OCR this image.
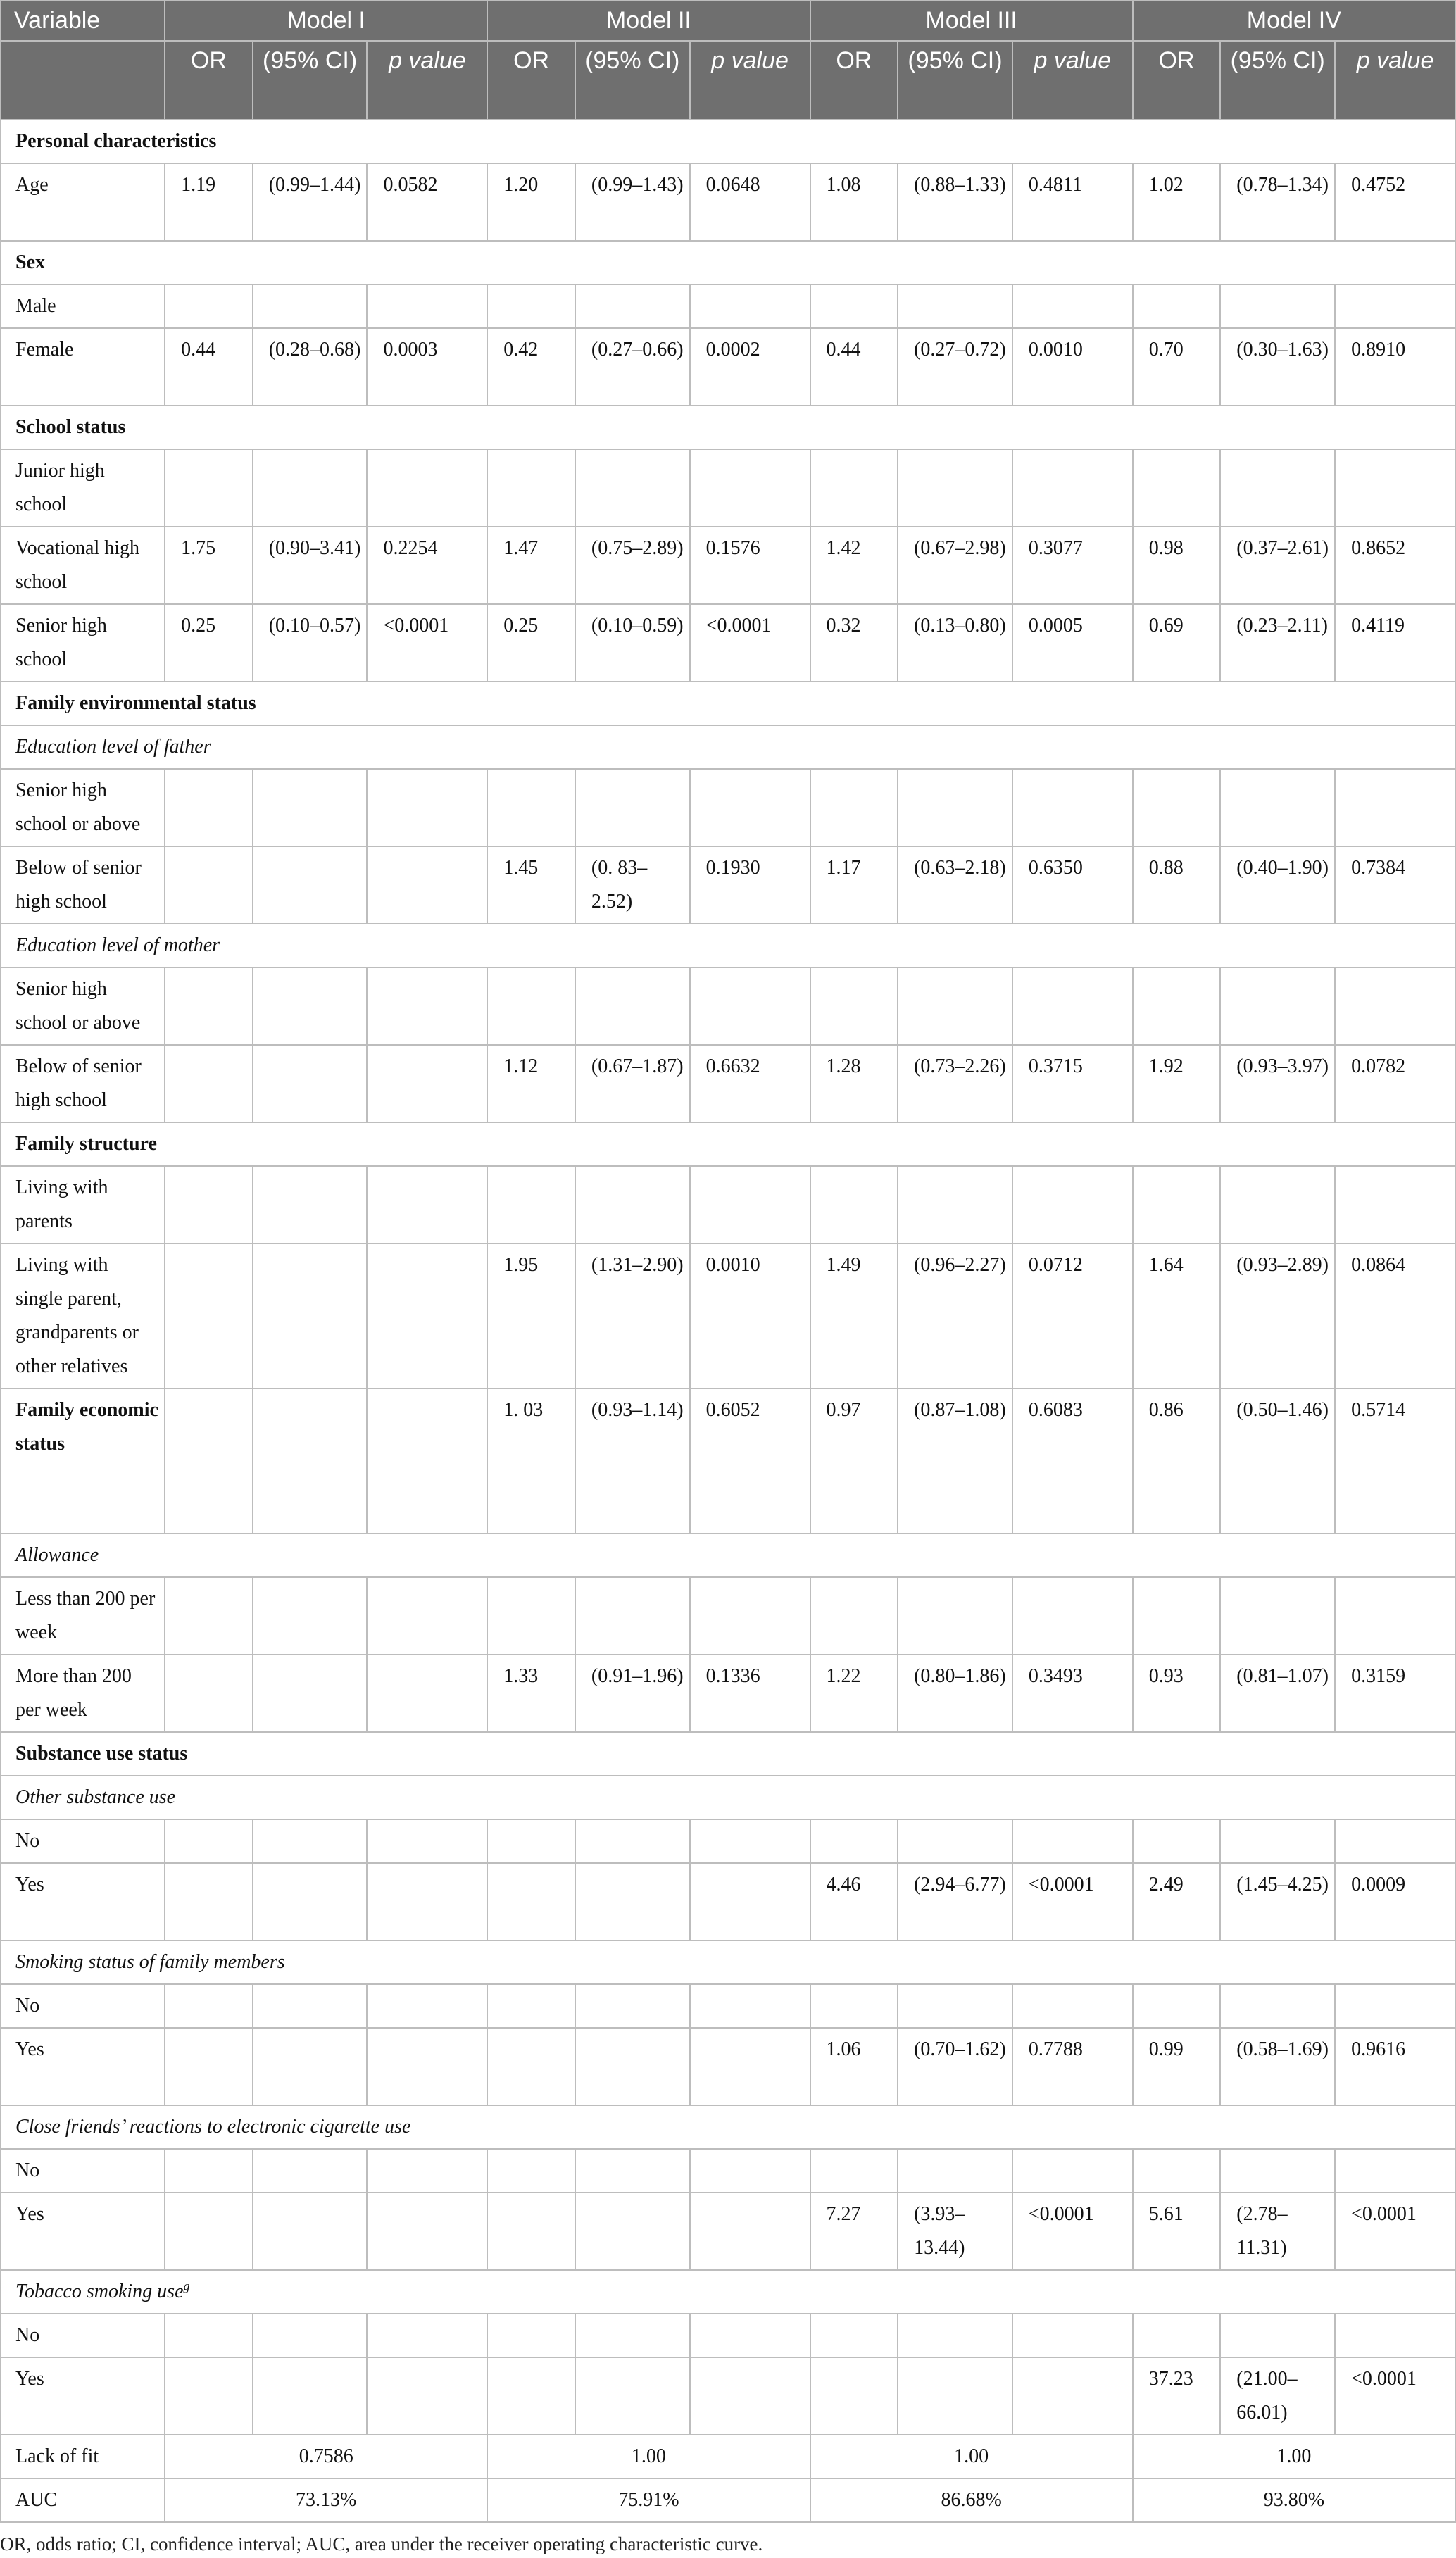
Variable	Model I			Model II			Model III			Model IV		
	OR	(95% CI)	p value	OR	(95% CI)	p value	OR	(95% CI)	p value	OR	(95% CI)	p value
Personal characteristics												
Age	1.19	(0.99–1.44)	0.0582	1.20	(0.99–1.43)	0.0648	1.08	(0.88–1.33)	0.4811	1.02	(0.78–1.34)	0.4752
Sex												
Male												
Female	0.44	(0.28–0.68)	0.0003	0.42	(0.27–0.66)	0.0002	0.44	(0.27–0.72)	0.0010	0.70	(0.30–1.63)	0.8910
School status												
Junior high school												
Vocational high school	1.75	(0.90–3.41)	0.2254	1.47	(0.75–2.89)	0.1576	1.42	(0.67–2.98)	0.3077	0.98	(0.37–2.61)	0.8652
Senior high school	0.25	(0.10–0.57)	<0.0001	0.25	(0.10–0.59)	<0.0001	0.32	(0.13–0.80)	0.0005	0.69	(0.23–2.11)	0.4119
Family environmental status												
Education level of father												
Senior high school or above												
Below of senior high school				1.45	(0. 83–2.52)	0.1930	1.17	(0.63–2.18)	0.6350	0.88	(0.40–1.90)	0.7384
Education level of mother												
Senior high school or above												
Below of senior high school				1.12	(0.67–1.87)	0.6632	1.28	(0.73–2.26)	0.3715	1.92	(0.93–3.97)	0.0782
Family structure												
Living with parents												
Living with single parent, grandparents or other relatives				1.95	(1.31–2.90)	0.0010	1.49	(0.96–2.27)	0.0712	1.64	(0.93–2.89)	0.0864
Family economic status				1. 03	(0.93–1.14)	0.6052	0.97	(0.87–1.08)	0.6083	0.86	(0.50–1.46)	0.5714
Allowance												
Less than 200 per week												
More than 200 per week				1.33	(0.91–1.96)	0.1336	1.22	(0.80–1.86)	0.3493	0.93	(0.81–1.07)	0.3159
Substance use status												
Other substance use												
No												
Yes							4.46	(2.94–6.77)	<0.0001	2.49	(1.45–4.25)	0.0009
Smoking status of family members												
No												
Yes							1.06	(0.70–1.62)	0.7788	0.99	(0.58–1.69)	0.9616
Close friends’ reactions to electronic cigarette use												
No												
Yes							7.27	(3.93–13.44)	<0.0001	5.61	(2.78–11.31)	<0.0001
Tobacco smoking use$^g$
No												
Yes										37.23	(21.00–66.01)	<0.0001
Lack of fit	0.7586			1.00			1.00			1.00		
AUC	73.13%			75.91%			86.68%			93.80%		
OR, odds ratio; CI, confidence interval; AUC, area under the receiver operating characteristic curve.
